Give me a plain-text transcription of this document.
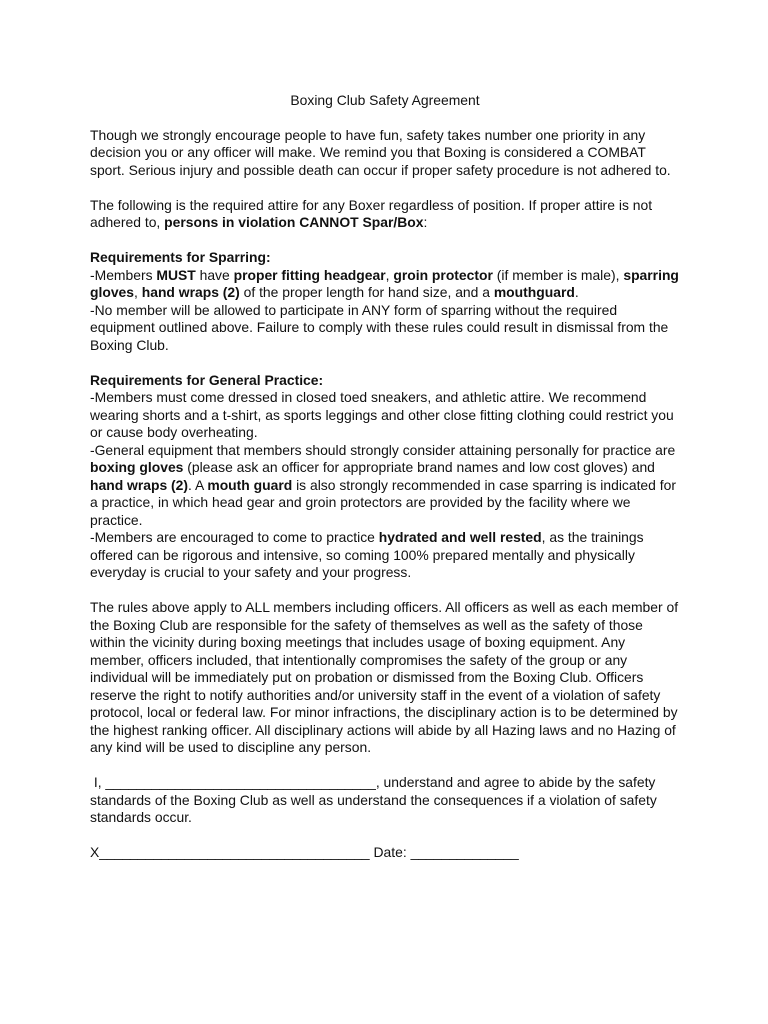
Boxing Club Safety Agreement

Though we strongly encourage people to have fun, safety takes number one priority in any decision you or any officer will make. We remind you that Boxing is considered a COMBAT sport. Serious injury and possible death can occur if proper safety procedure is not adhered to.

The following is the required attire for any Boxer regardless of position. If proper attire is not adhered to, persons in violation CANNOT Spar/Box:

Requirements for Sparring:
-Members MUST have proper fitting headgear, groin protector (if member is male), sparring gloves, hand wraps (2) of the proper length for hand size, and a mouthguard.
-No member will be allowed to participate in ANY form of sparring without the required equipment outlined above. Failure to comply with these rules could result in dismissal from the Boxing Club.

Requirements for General Practice:
-Members must come dressed in closed toed sneakers, and athletic attire. We recommend wearing shorts and a t-shirt, as sports leggings and other close fitting clothing could restrict you or cause body overheating.
-General equipment that members should strongly consider attaining personally for practice are boxing gloves (please ask an officer for appropriate brand names and low cost gloves) and hand wraps (2). A mouth guard is also strongly recommended in case sparring is indicated for a practice, in which head gear and groin protectors are provided by the facility where we practice.
-Members are encouraged to come to practice hydrated and well rested, as the trainings offered can be rigorous and intensive, so coming 100% prepared mentally and physically everyday is crucial to your safety and your progress.

The rules above apply to ALL members including officers. All officers as well as each member of the Boxing Club are responsible for the safety of themselves as well as the safety of those within the vicinity during boxing meetings that includes usage of boxing equipment. Any member, officers included, that intentionally compromises the safety of the group or any individual will be immediately put on probation or dismissed from the Boxing Club. Officers reserve the right to notify authorities and/or university staff in the event of a violation of safety protocol, local or federal law. For minor infractions, the disciplinary action is to be determined by the highest ranking officer. All disciplinary actions will abide by all Hazing laws and no Hazing of any kind will be used to discipline any person.

I, ___________________________________, understand and agree to abide by the safety standards of the Boxing Club as well as understand the consequences if a violation of safety standards occur.

X___________________________________ Date: ______________
